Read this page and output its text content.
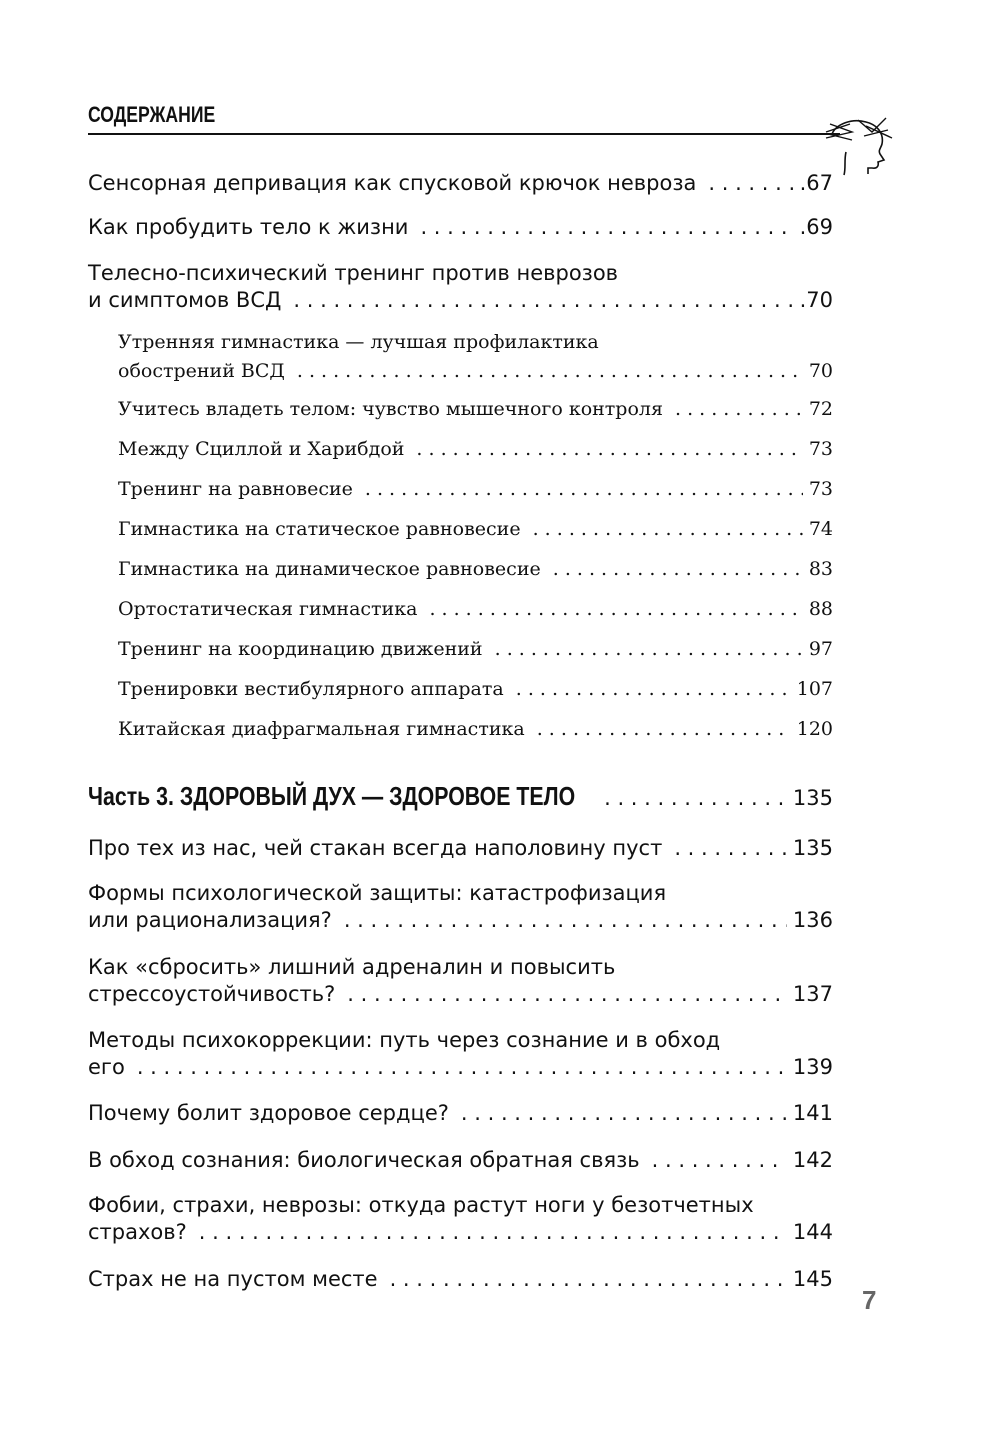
СОДЕРЖАНИЕ
Сенсорная депривация как спусковой крючок невроза . . .	.67
Как пробудить тело к жизни . . .	.69
Телесно-психический тренинг против неврозов
и симптомов ВСД . . .	.70
Утренняя гимнастика — лучшая профилактика
обострений ВСД . . .	70
Учитесь владеть телом: чувство мышечного контроля . . .	72
Между Сциллой и Харибдой . . .	73
Тренинг на равновесие . . .	73
Гимнастика на статическое равновесие . . .	74
Гимнастика на динамическое равновесие . . .	83
Ортостатическая гимнастика . . .	88
Тренинг на координацию движений . . .	97
Тренировки вестибулярного аппарата . . .	107
Китайская диафрагмальная гимнастика . . .	120
Часть 3. ЗДОРОВЫЙ ДУХ — ЗДОРОВОЕ ТЕЛО . . .	135
Про тех из нас, чей стакан всегда наполовину пуст . . .	135
Формы психологической защиты: катастрофизация
или рационализация? . . .	136
Как «сбросить» лишний адреналин и повысить
стрессоустойчивость? . . .	137
Методы психокоррекции: путь через сознание и в обход
его . . .	139
Почему болит здоровое сердце? . . .	141
В обход сознания: биологическая обратная связь . . .	142
Фобии, страхи, неврозы: откуда растут ноги у безотчетных
страхов? . . .	144
Страх не на пустом месте . . .	145
7
